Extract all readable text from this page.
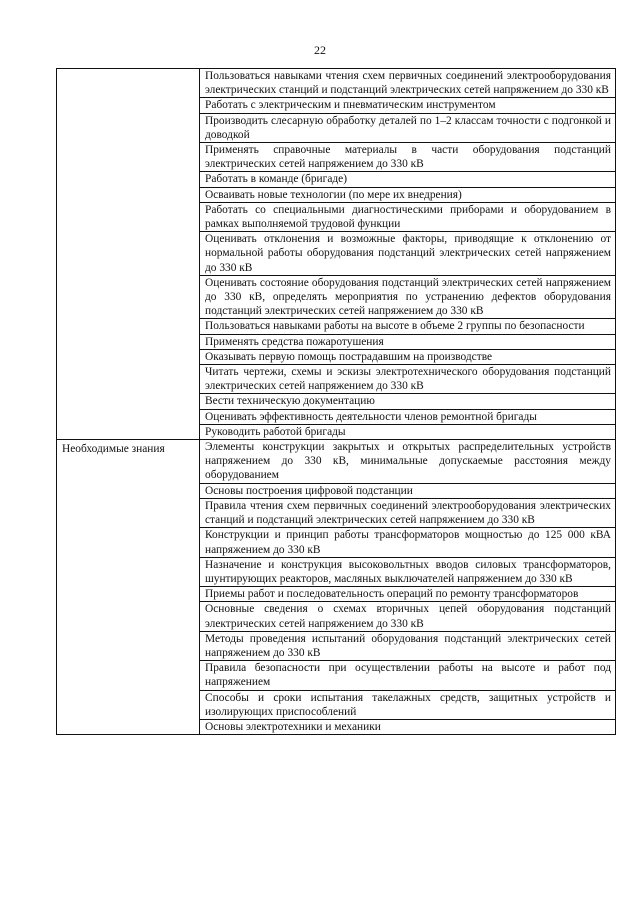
22
	Пользоваться навыками чтения схем первичных соединений электрооборудования электрических станций и подстанций электрических сетей напряжением до 330 кВ
	Работать с электрическим и пневматическим инструментом
	Производить слесарную обработку деталей по 1–2 классам точности с подгонкой и доводкой
	Применять справочные материалы в части оборудования подстанций электрических сетей напряжением до 330 кВ
	Работать в команде (бригаде)
	Осваивать новые технологии (по мере их внедрения)
	Работать со специальными диагностическими приборами и оборудованием в рамках выполняемой трудовой функции
	Оценивать отклонения и возможные факторы, приводящие к отклонению от нормальной работы оборудования подстанций электрических сетей напряжением до 330 кВ
	Оценивать состояние оборудования подстанций электрических сетей напряжением до 330 кВ, определять мероприятия по устранению дефектов оборудования подстанций электрических сетей напряжением до 330 кВ
	Пользоваться навыками работы на высоте в объеме 2 группы по безопасности
	Применять средства пожаротушения
	Оказывать первую помощь пострадавшим на производстве
	Читать чертежи, схемы и эскизы электротехнического оборудования подстанций электрических сетей напряжением до 330 кВ
	Вести техническую документацию
	Оценивать эффективность деятельности членов ремонтной бригады
	Руководить работой бригады

Необходимые знания	Элементы конструкции закрытых и открытых распределительных устройств напряжением до 330 кВ, минимальные допускаемые расстояния между оборудованием
	Основы построения цифровой подстанции
	Правила чтения схем первичных соединений электрооборудования электрических станций и подстанций электрических сетей напряжением до 330 кВ
	Конструкции и принцип работы трансформаторов мощностью до 125 000 кВА напряжением до 330 кВ
	Назначение и конструкция высоковольтных вводов силовых трансформаторов, шунтирующих реакторов, масляных выключателей напряжением до 330 кВ
	Приемы работ и последовательность операций по ремонту трансформаторов
	Основные сведения о схемах вторичных цепей оборудования подстанций электрических сетей напряжением до 330 кВ
	Методы проведения испытаний оборудования подстанций электрических сетей напряжением до 330 кВ
	Правила безопасности при осуществлении работы на высоте и работ под напряжением
	Способы и сроки испытания такелажных средств, защитных устройств и изолирующих приспособлений
	Основы электротехники и механики
